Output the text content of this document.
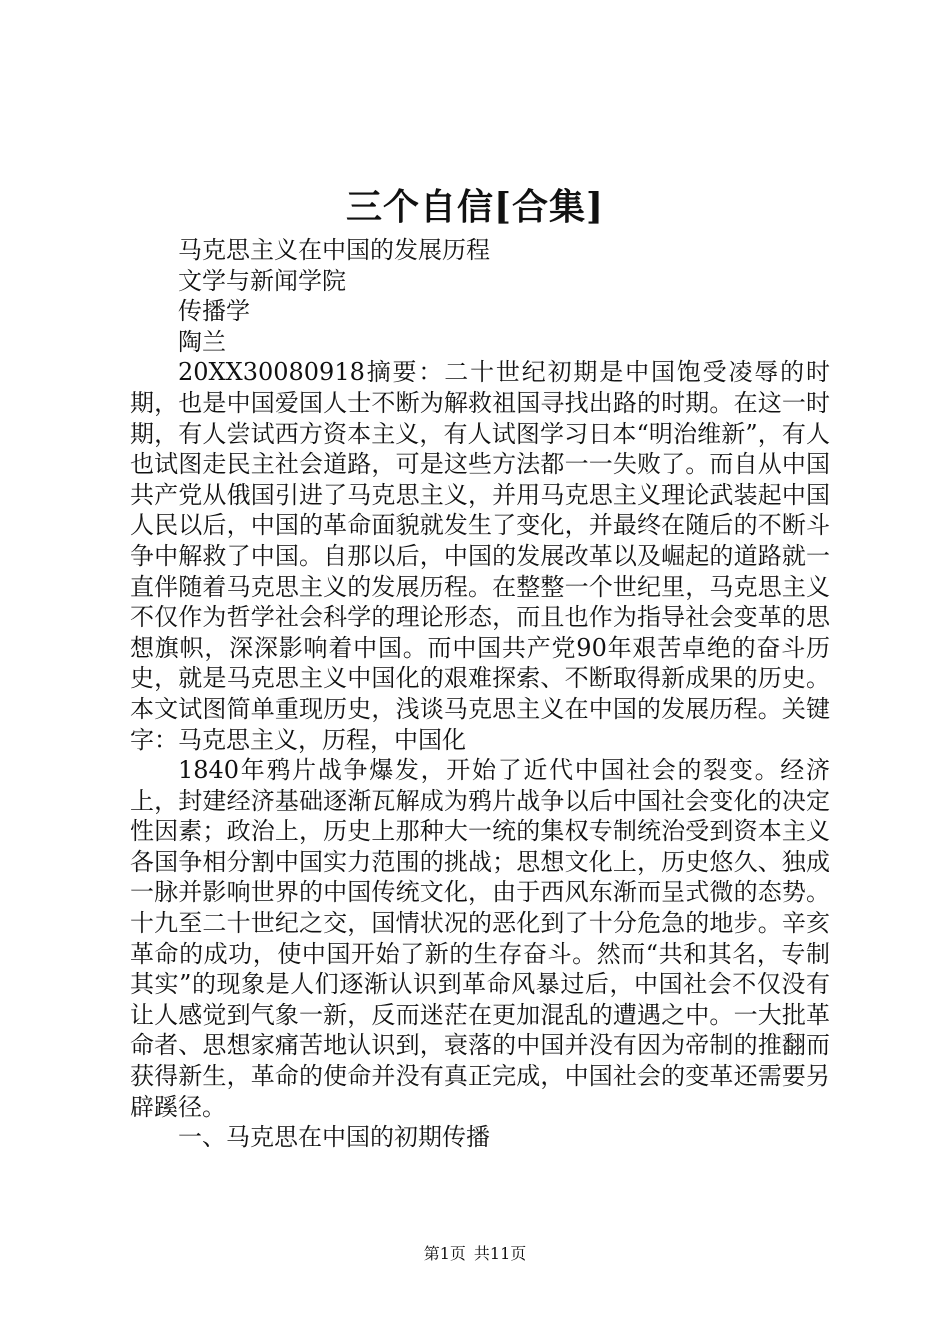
三个自信[合集]

马克思主义在中国的发展历程

文学与新闻学院

传播学

陶兰

20XX30080918摘要：二十世纪初期是中国饱受凌辱的时期，也是中国爱国人士不断为解救祖国寻找出路的时期。在这一时期，有人尝试西方资本主义，有人试图学习日本“明治维新”，有人也试图走民主社会道路，可是这些方法都一一失败了。而自从中国共产党从俄国引进了马克思主义，并用马克思主义理论武装起中国人民以后，中国的革命面貌就发生了变化，并最终在随后的不断斗争中解救了中国。自那以后，中国的发展改革以及崛起的道路就一直伴随着马克思主义的发展历程。在整整一个世纪里，马克思主义不仅作为哲学社会科学的理论形态，而且也作为指导社会变革的思想旗帜，深深影响着中国。而中国共产党90年艰苦卓绝的奋斗历史，就是马克思主义中国化的艰难探索、不断取得新成果的历史。本文试图简单重现历史，浅谈马克思主义在中国的发展历程。关键字：马克思主义，历程，中国化

1840年鸦片战争爆发，开始了近代中国社会的裂变。经济上，封建经济基础逐渐瓦解成为鸦片战争以后中国社会变化的决定性因素；政治上，历史上那种大一统的集权专制统治受到资本主义各国争相分割中国实力范围的挑战；思想文化上，历史悠久、独成一脉并影响世界的中国传统文化，由于西风东渐而呈式微的态势。十九至二十世纪之交，国情状况的恶化到了十分危急的地步。辛亥革命的成功，使中国开始了新的生存奋斗。然而“共和其名，专制其实”的现象是人们逐渐认识到革命风暴过后，中国社会不仅没有让人感觉到气象一新，反而迷茫在更加混乱的遭遇之中。一大批革命者、思想家痛苦地认识到，衰落的中国并没有因为帝制的推翻而获得新生，革命的使命并没有真正完成，中国社会的变革还需要另辟蹊径。

一、马克思在中国的初期传播

第1页 共11页
